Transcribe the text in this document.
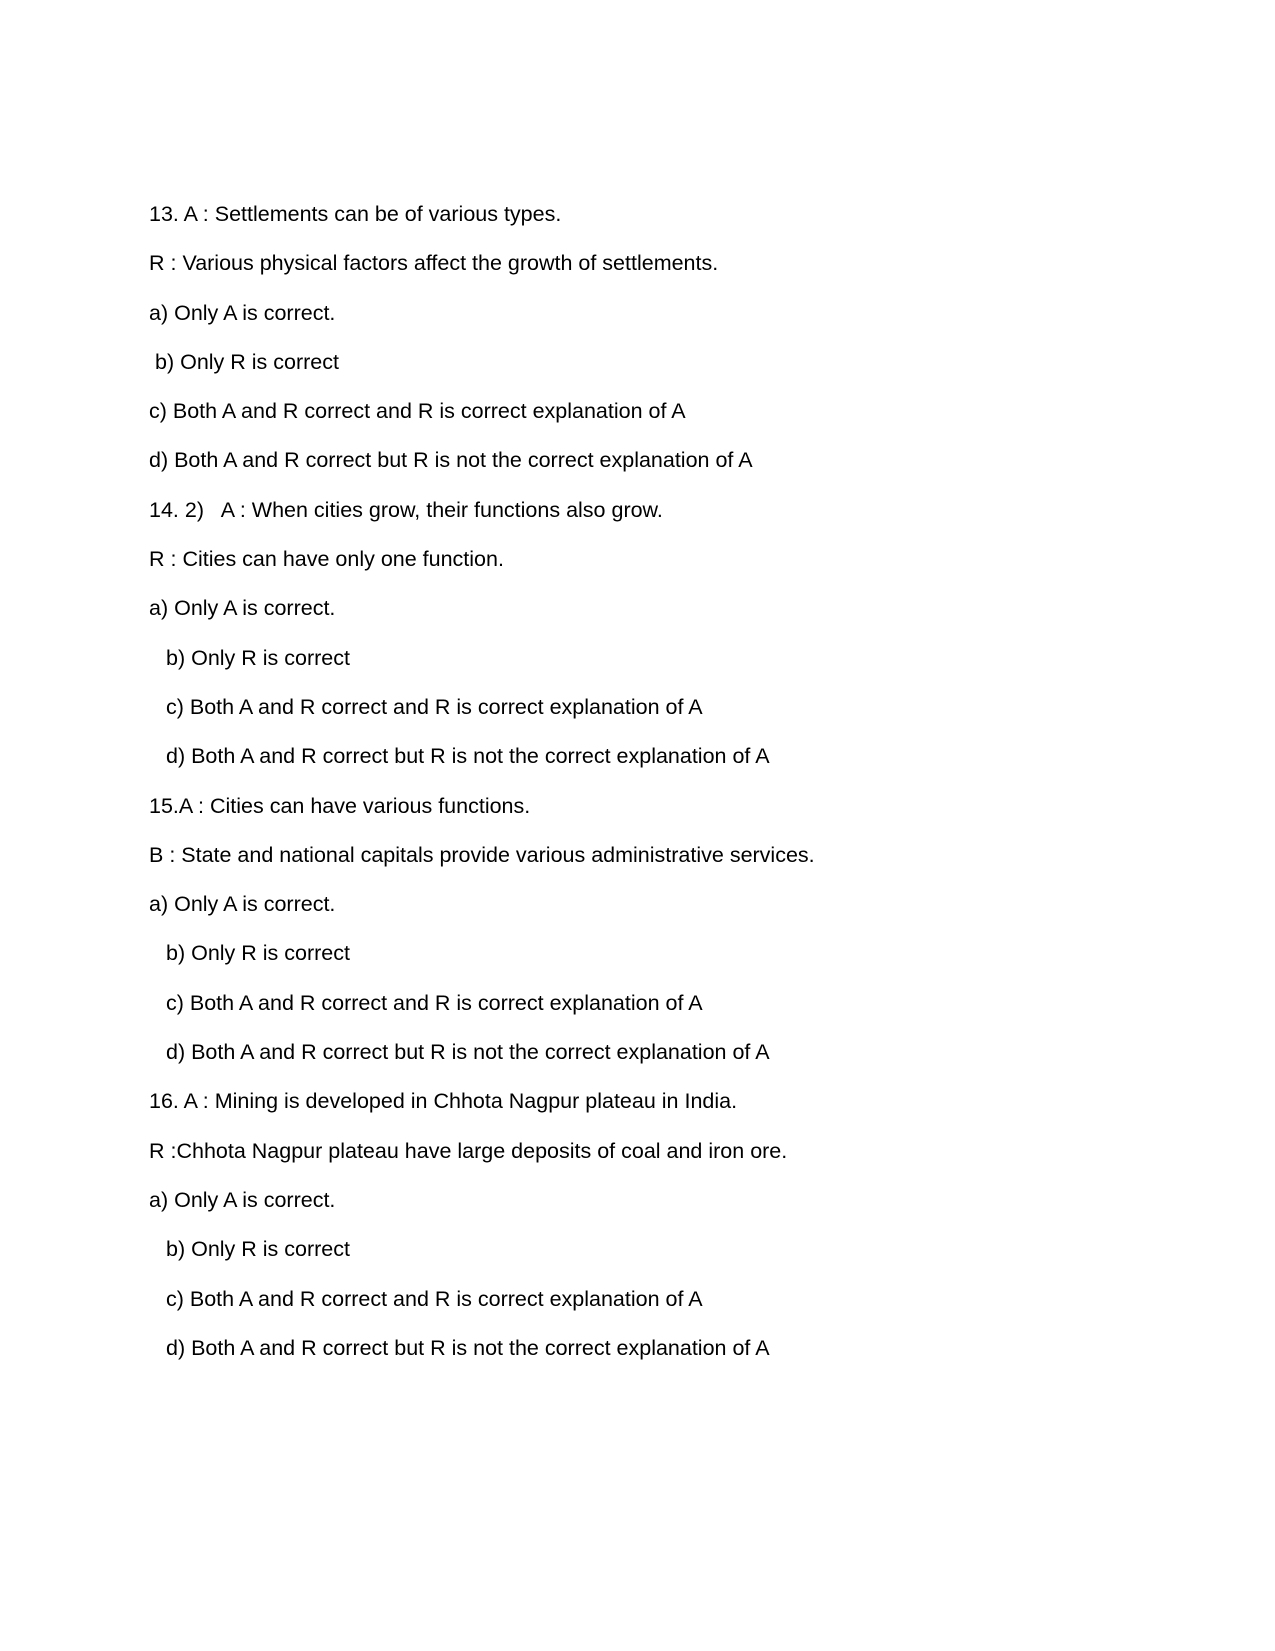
13. A : Settlements can be of various types.
R : Various physical factors affect the growth of settlements.
a) Only A is correct.
b) Only R is correct
c) Both A and R correct and R is correct explanation of A
d) Both A and R correct but R is not the correct explanation of A
14. 2)   A : When cities grow, their functions also grow.
R : Cities can have only one function.
a) Only A is correct.
b) Only R is correct
c) Both A and R correct and R is correct explanation of A
d) Both A and R correct but R is not the correct explanation of A
15.A : Cities can have various functions.
B : State and national capitals provide various administrative services.
a) Only A is correct.
b) Only R is correct
c) Both A and R correct and R is correct explanation of A
d) Both A and R correct but R is not the correct explanation of A
16. A : Mining is developed in Chhota Nagpur plateau in India.
R :Chhota Nagpur plateau have large deposits of coal and iron ore.
a) Only A is correct.
b) Only R is correct
c) Both A and R correct and R is correct explanation of A
d) Both A and R correct but R is not the correct explanation of A
